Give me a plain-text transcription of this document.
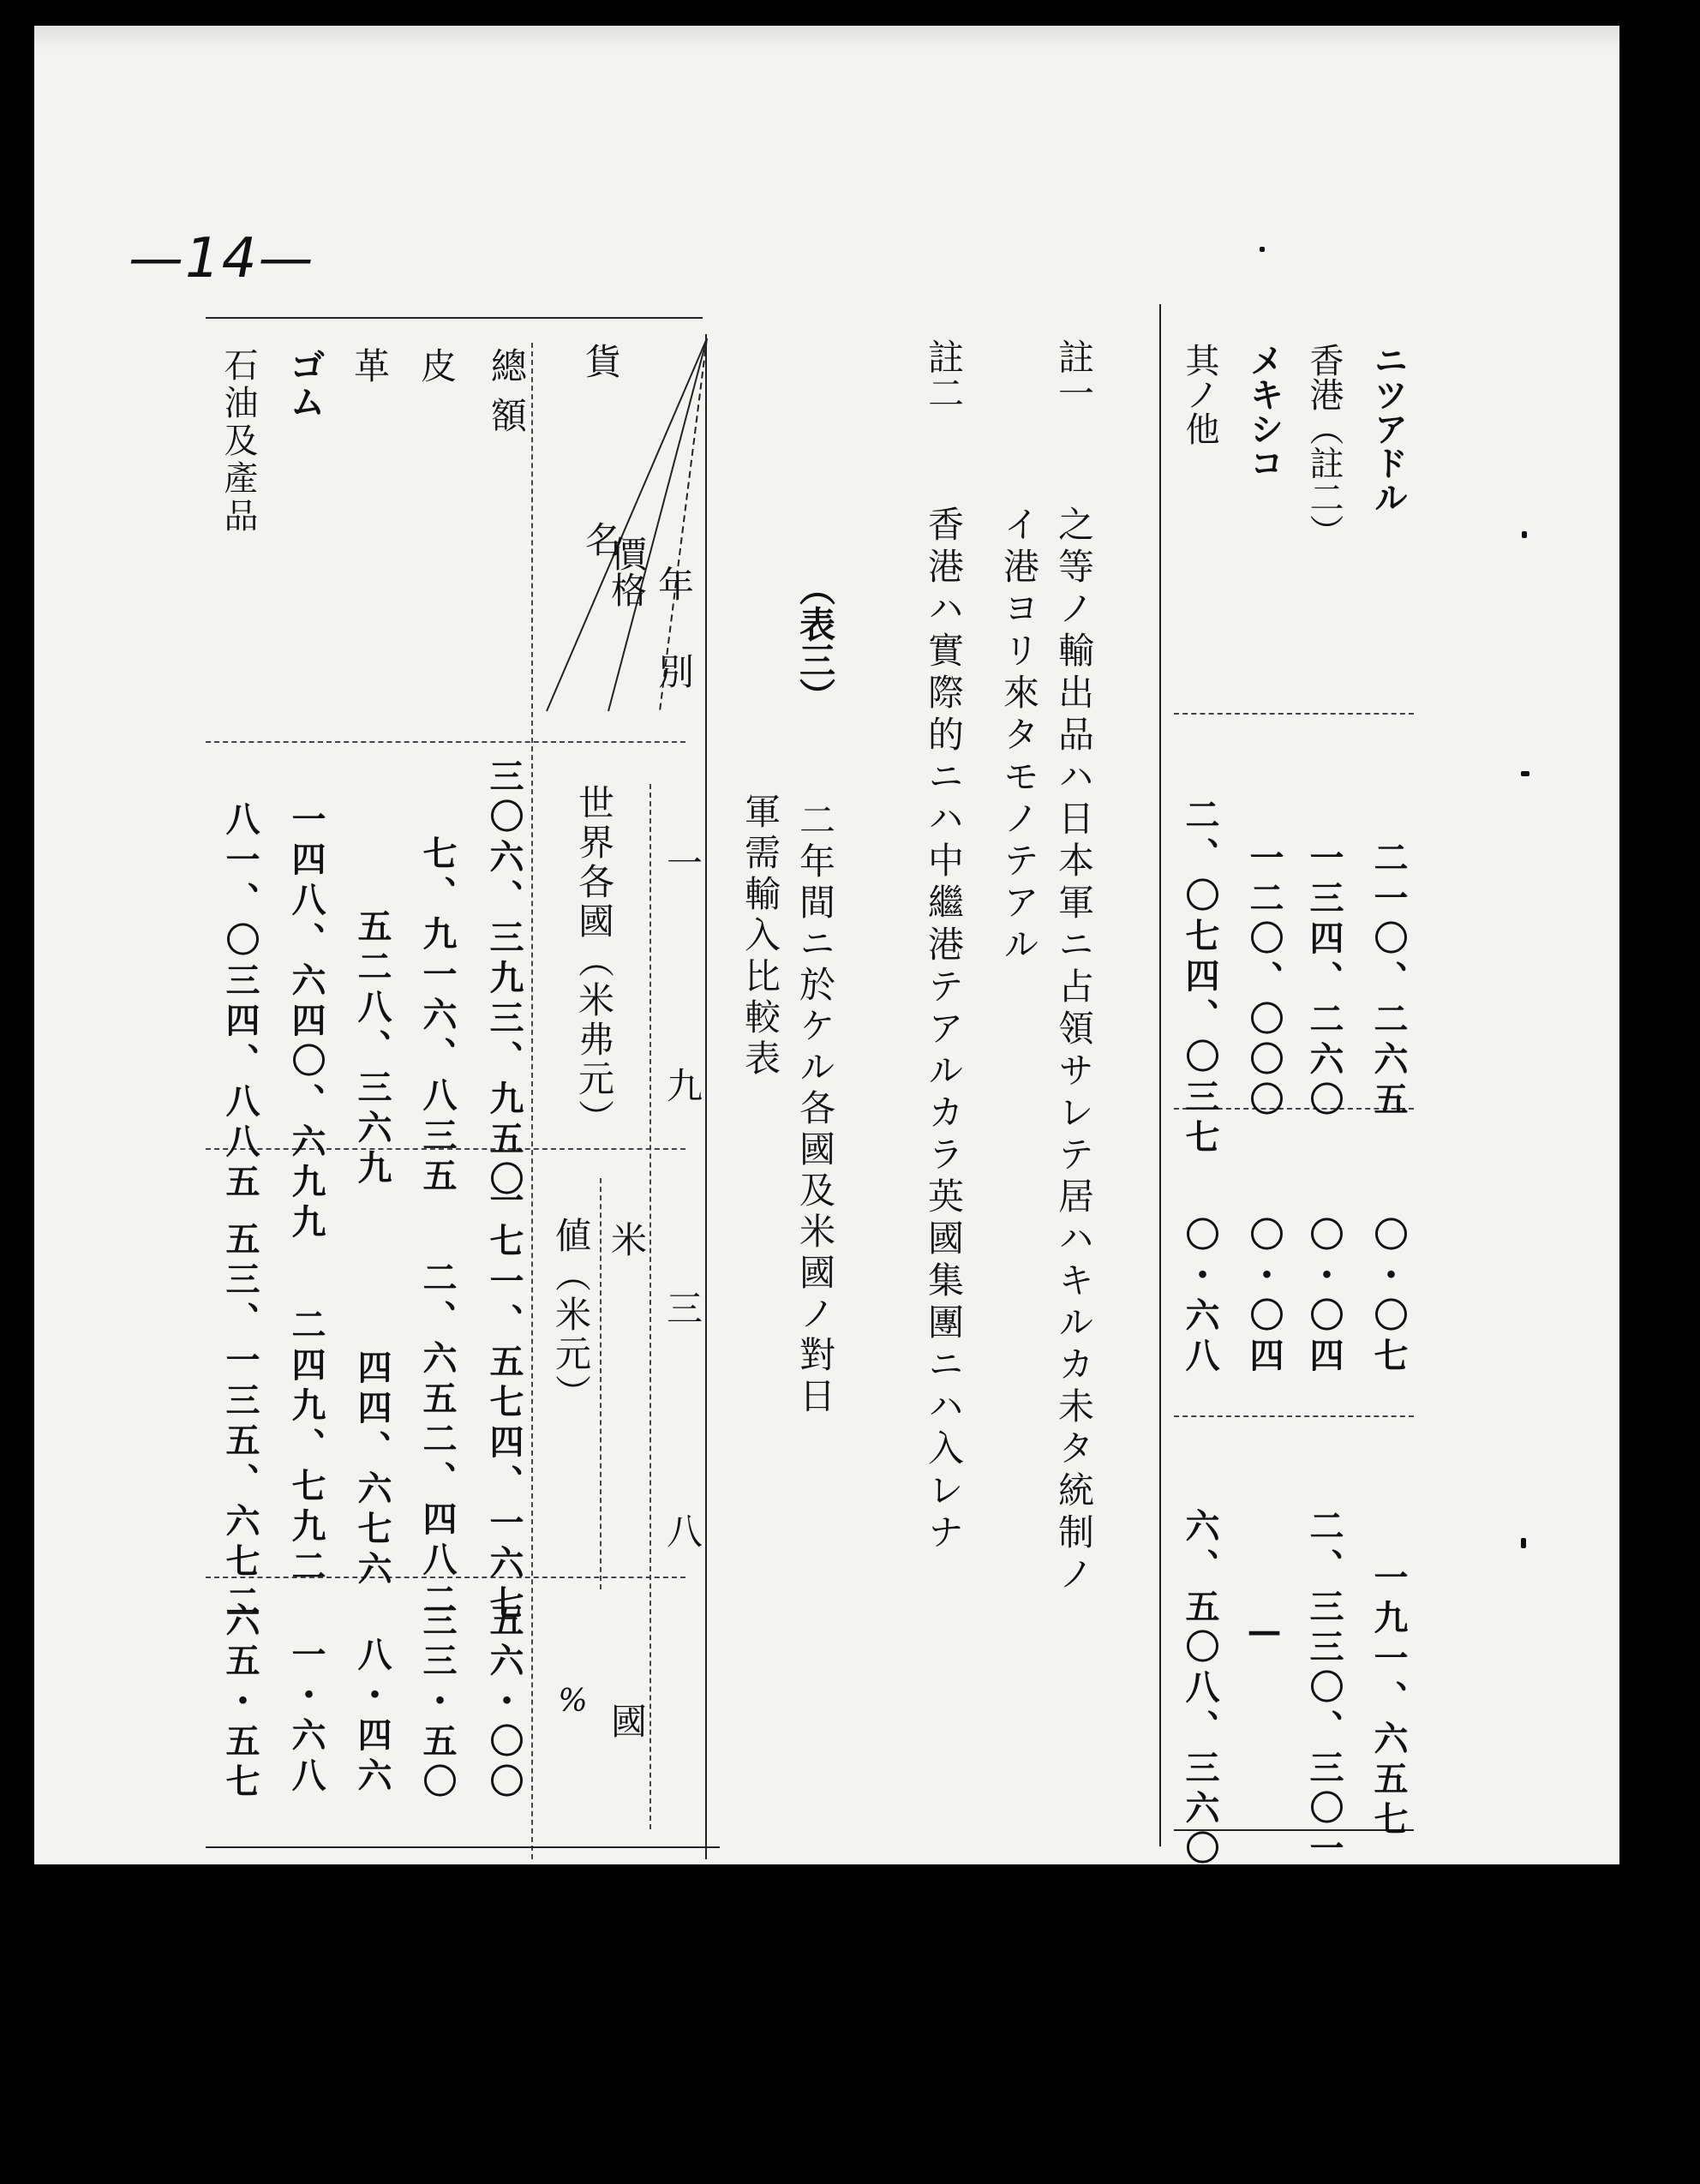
—14—
ニツアドル
香港（註二）
メキシコ
其ノ他
二一〇、二六五
一三四、二六〇
一二〇、〇〇〇
二、〇七四、〇三七
〇・〇七
〇・〇四
〇・〇四
〇・六八
一九一、六五七
二、三三〇、三〇一
—
六、五〇八、三六〇
註一
之等ノ輸出品ハ日本軍ニ占領サレテ居ハキルカ未タ統制ノ
イ港ヨリ來タモノテアル
註二
香港ハ實際的ニハ中繼港テアルカラ英國集團ニハ入レナ
（表三）
二年間ニ於ケル各國及米國ノ對日
軍需輸入比較表
貨名
價格 年別
總額
一九三八
世界各國（米弗元）
値（米元） 米國
%
皮
革
ゴム
石油及產品
三〇六、三九三、九五〇
七、九一六、八三五
五二八、三六九
一四八、六四〇、六九九
八一、〇三四、八八五
一七一、五七四、一六七
二、六五二、四八二
四四、六七六
二四九、七九二
五三、一三五、六七二
五六・〇〇
三三・五〇
八・四六
一・六八
六五・五七
